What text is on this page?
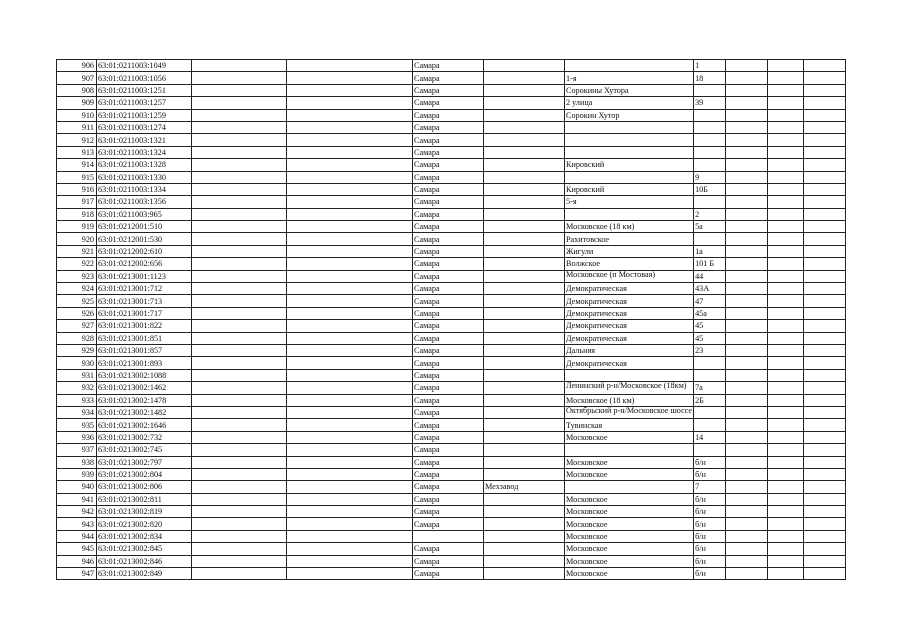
906	63:01:0211003:1049			Самара			1			
907	63:01:0211003:1056			Самара		1-я	18			
908	63:01:0211003:1251			Самара		Сорокины Хутора				
909	63:01:0211003:1257			Самара		2 улица	39			
910	63:01:0211003:1259			Самара		Сорокин Хутор				
911	63:01:0211003:1274			Самара						
912	63:01:0211003:1321			Самара						
913	63:01:0211003:1324			Самара						
914	63:01:0211003:1328			Самара		Кировский				
915	63:01:0211003:1330			Самара			9			
916	63:01:0211003:1334			Самара		Кировский	10Б			
917	63:01:0211003:1356			Самара		5-я				
918	63:01:0211003:965			Самара			2			
919	63:01:0212001:510			Самара		Московское (18 км)	5а			
920	63:01:0212001:530			Самара		Рахитовское				
921	63:01:0212002:610			Самара		Жигули	1а			
922	63:01:0212002:656			Самара		Волжское	101 Б			
923	63:01:0213001:1123			Самара		Московское (п Мостовая)	44			
924	63:01:0213001:712			Самара		Демократическая	43А			
925	63:01:0213001:713			Самара		Демократическая	47			
926	63:01:0213001:717			Самара		Демократическая	45а			
927	63:01:0213001:822			Самара		Демократическая	45			
928	63:01:0213001:851			Самара		Демократическая	45			
929	63:01:0213001:857			Самара		Дальняя	23			
930	63:01:0213001:893			Самара		Демократическая				
931	63:01:0213002:1088			Самара						
932	63:01:0213002:1462			Самара		Ленинский р-н/Московское (18км)	7а			
933	63:01:0213002:1478			Самара		Московское (18 км)	2Б			
934	63:01:0213002:1482			Самара		Октябрьский р-н/Московское шоссе				
935	63:01:0213002:1646			Самара		Тувинская				
936	63:01:0213002:732			Самара		Московское	14			
937	63:01:0213002:745			Самара						
938	63:01:0213002:797			Самара		Московское	б/н			
939	63:01:0213002:804			Самара		Московское	б/н			
940	63:01:0213002:806			Самара	Мехзавод		7			
941	63:01:0213002:811			Самара		Московское	б/н			
942	63:01:0213002:819			Самара		Московское	б/н			
943	63:01:0213002:820			Самара		Московское	б/н			
944	63:01:0213002:834					Московское	б/н			
945	63:01:0213002:845			Самара		Московское	б/н			
946	63:01:0213002:846			Самара		Московское	б/н			
947	63:01:0213002:849			Самара		Московское	б/н			
